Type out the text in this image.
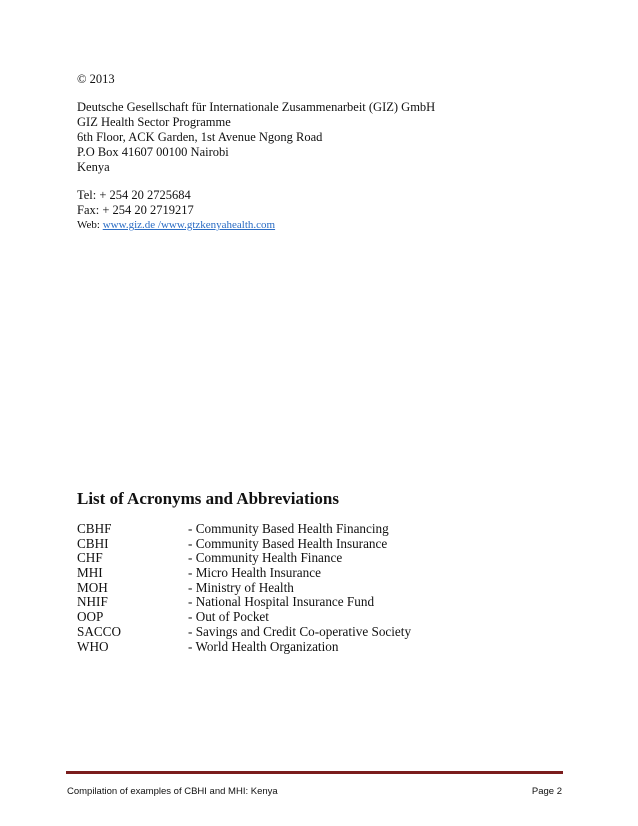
© 2013
Deutsche Gesellschaft für Internationale Zusammenarbeit (GIZ) GmbH
GIZ Health Sector Programme
6th Floor, ACK Garden, 1st Avenue Ngong Road
P.O Box 41607 00100 Nairobi
Kenya
Tel: + 254 20 2725684
Fax: + 254 20 2719217
Web: www.giz.de /www.gtzkenyahealth.com
List of Acronyms and Abbreviations
CBHF	- Community Based Health Financing
CBHI	- Community Based Health Insurance
CHF	- Community Health Finance
MHI	- Micro Health Insurance
MOH	- Ministry of Health
NHIF	- National Hospital Insurance Fund
OOP	- Out of Pocket
SACCO	- Savings and Credit Co-operative Society
WHO	- World Health Organization
Compilation of examples of CBHI and MHI: Kenya	Page 2
